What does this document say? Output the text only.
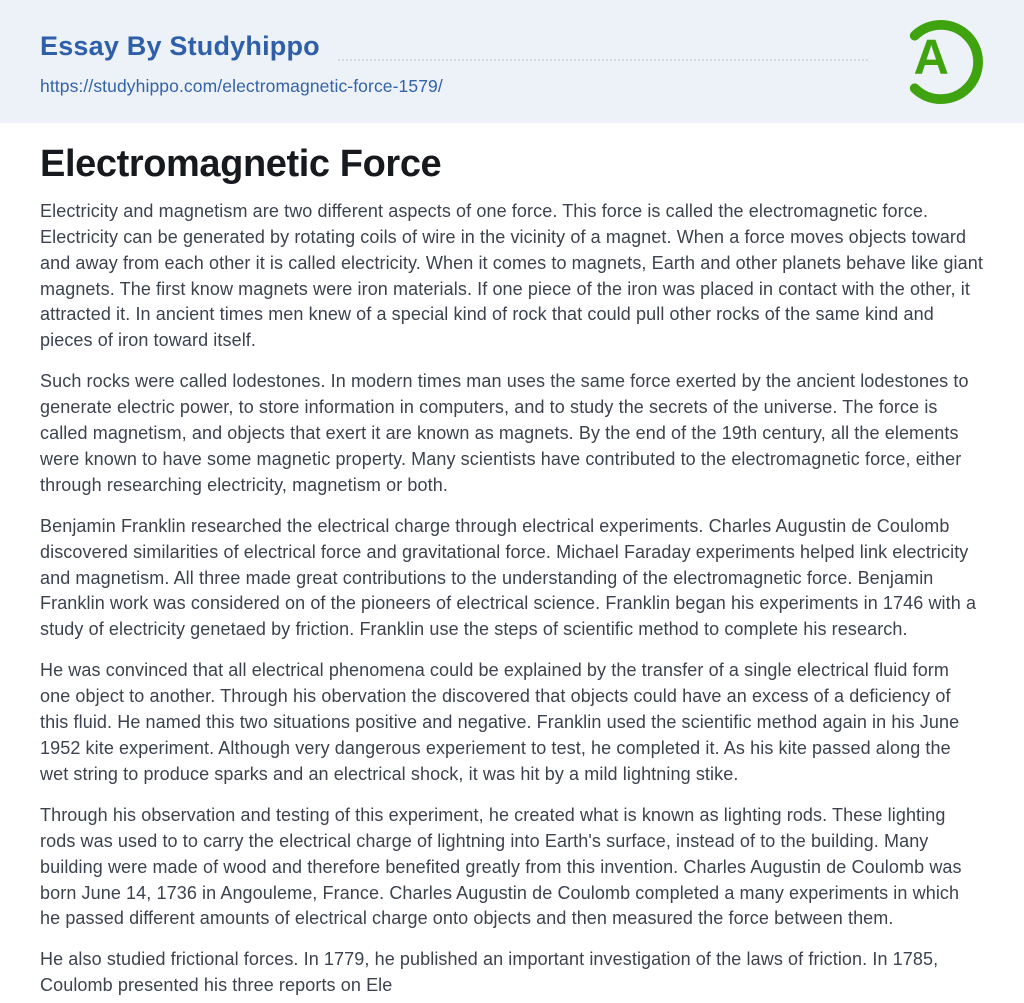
Essay By Studyhippo
https://studyhippo.com/electromagnetic-force-1579/
A
Electromagnetic Force

Electricity and magnetism are two different aspects of one force. This force is called the electromagnetic force. Electricity can be generated by rotating coils of wire in the vicinity of a magnet. When a force moves objects toward and away from each other it is called electricity. When it comes to magnets, Earth and other planets behave like giant magnets. The first know magnets were iron materials. If one piece of the iron was placed in contact with the other, it attracted it. In ancient times men knew of a special kind of rock that could pull other rocks of the same kind and pieces of iron toward itself.

Such rocks were called lodestones. In modern times man uses the same force exerted by the ancient lodestones to generate electric power, to store information in computers, and to study the secrets of the universe. The force is called magnetism, and objects that exert it are known as magnets. By the end of the 19th century, all the elements were known to have some magnetic property. Many scientists have contributed to the electromagnetic force, either through researching electricity, magnetism or both.

Benjamin Franklin researched the electrical charge through electrical experiments. Charles Augustin de Coulomb discovered similarities of electrical force and gravitational force. Michael Faraday experiments helped link electricity and magnetism. All three made great contributions to the understanding of the electromagnetic force. Benjamin Franklin work was considered on of the pioneers of electrical science. Franklin began his experiments in 1746 with a study of electricity genetaed by friction. Franklin use the steps of scientific method to complete his research.

He was convinced that all electrical phenomena could be explained by the transfer of a single electrical fluid form one object to another. Through his obervation the discovered that objects could have an excess of a deficiency of this fluid. He named this two situations positive and negative. Franklin used the scientific method again in his June 1952 kite experiment. Although very dangerous experiement to test, he completed it. As his kite passed along the wet string to produce sparks and an electrical shock, it was hit by a mild lightning stike.

Through his observation and testing of this experiment, he created what is known as lighting rods. These lighting rods was used to to carry the electrical charge of lightning into Earth's surface, instead of to the building. Many building were made of wood and therefore benefited greatly from this invention. Charles Augustin de Coulomb was born June 14, 1736 in Angouleme, France. Charles Augustin de Coulomb completed a many experiments in which he passed different amounts of electrical charge onto objects and then measured the force between them.

He also studied frictional forces. In 1779, he published an important investigation of the laws of friction. In 1785, Coulomb presented his three reports on Ele
